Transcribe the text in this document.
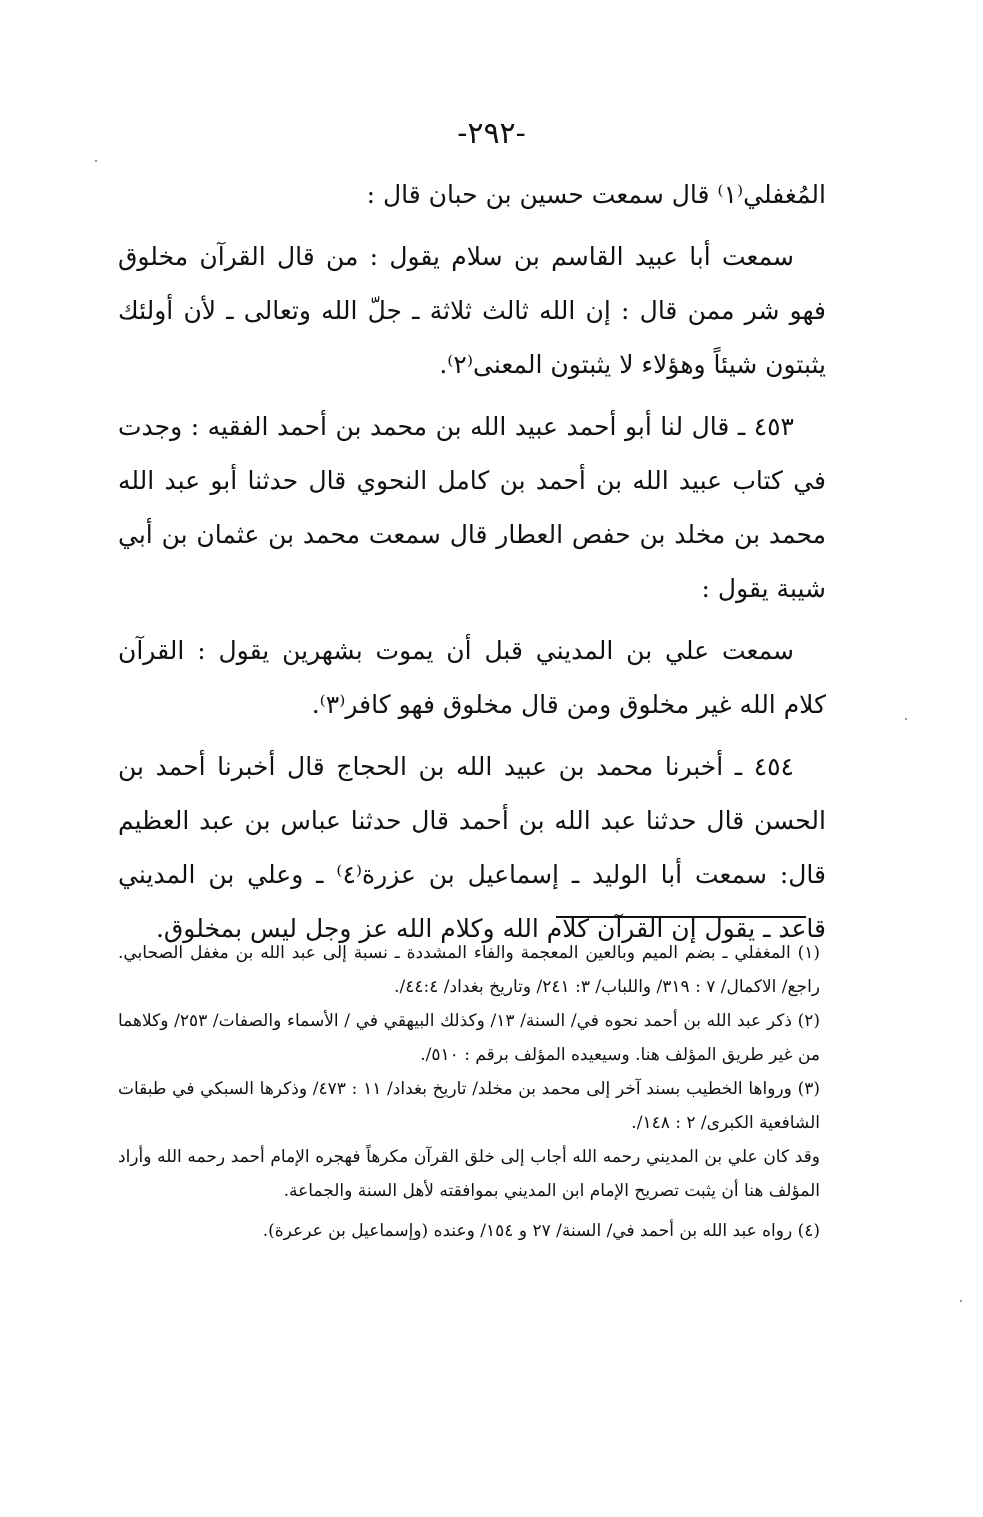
-٢٩٢-

المُغفلي⁽١⁾ قال سمعت حسين بن حبان قال :

سمعت أبا عبيد القاسم بن سلام يقول : من قال القرآن مخلوق فهو شر ممن قال : إن الله ثالث ثلاثة ـ جلّ الله وتعالى ـ لأن أولئك يثبتون شيئاً وهؤلاء لا يثبتون المعنى⁽٢⁾.

٤٥٣ ـ قال لنا أبو أحمد عبيد الله بن محمد بن أحمد الفقيه : وجدت في كتاب عبيد الله بن أحمد بن كامل النحوي قال حدثنا أبو عبد الله محمد بن مخلد بن حفص العطار قال سمعت محمد بن عثمان بن أبي شيبة يقول :

سمعت علي بن المديني قبل أن يموت بشهرين يقول : القرآن كلام الله غير مخلوق ومن قال مخلوق فهو كافر⁽٣⁾.

٤٥٤ ـ أخبرنا محمد بن عبيد الله بن الحجاج قال أخبرنا أحمد بن الحسن قال حدثنا عبد الله بن أحمد قال حدثنا عباس بن عبد العظيم قال: سمعت أبا الوليد ـ إسماعيل بن عزرة⁽٤⁾ ـ وعلي بن المديني قاعد ـ يقول إن القرآن كلام الله وكلام الله عز وجل ليس بمخلوق.

(١) المغفلي ـ بضم الميم وبالعين المعجمة والفاء المشددة ـ نسبة إلى عبد الله بن مغفل الصحابي. راجع/ الاكمال/ ٧ : ٣١٩/ واللباب/ ٣: ٢٤١/ وتاريخ بغداد/ ٤٤:٤/.

(٢) ذكر عبد الله بن أحمد نحوه في/ السنة/ ١٣/ وكذلك البيهقي في / الأسماء والصفات/ ٢٥٣/ وكلاهما من غير طريق المؤلف هنا. وسيعيده المؤلف برقم : ٥١٠/.

(٣) ورواها الخطيب بسند آخر إلى محمد بن مخلد/ تاريخ بغداد/ ١١ : ٤٧٣/ وذكرها السبكي في طبقات الشافعية الكبرى/ ٢ : ١٤٨/.

وقد كان علي بن المديني رحمه الله أجاب إلى خلق القرآن مكرهاً فهجره الإمام أحمد رحمه الله وأراد المؤلف هنا أن يثبت تصريح الإمام ابن المديني بموافقته لأهل السنة والجماعة.

(٤) رواه عبد الله بن أحمد في/ السنة/ ٢٧ و ١٥٤/ وعنده (وإسماعيل بن عرعرة).
